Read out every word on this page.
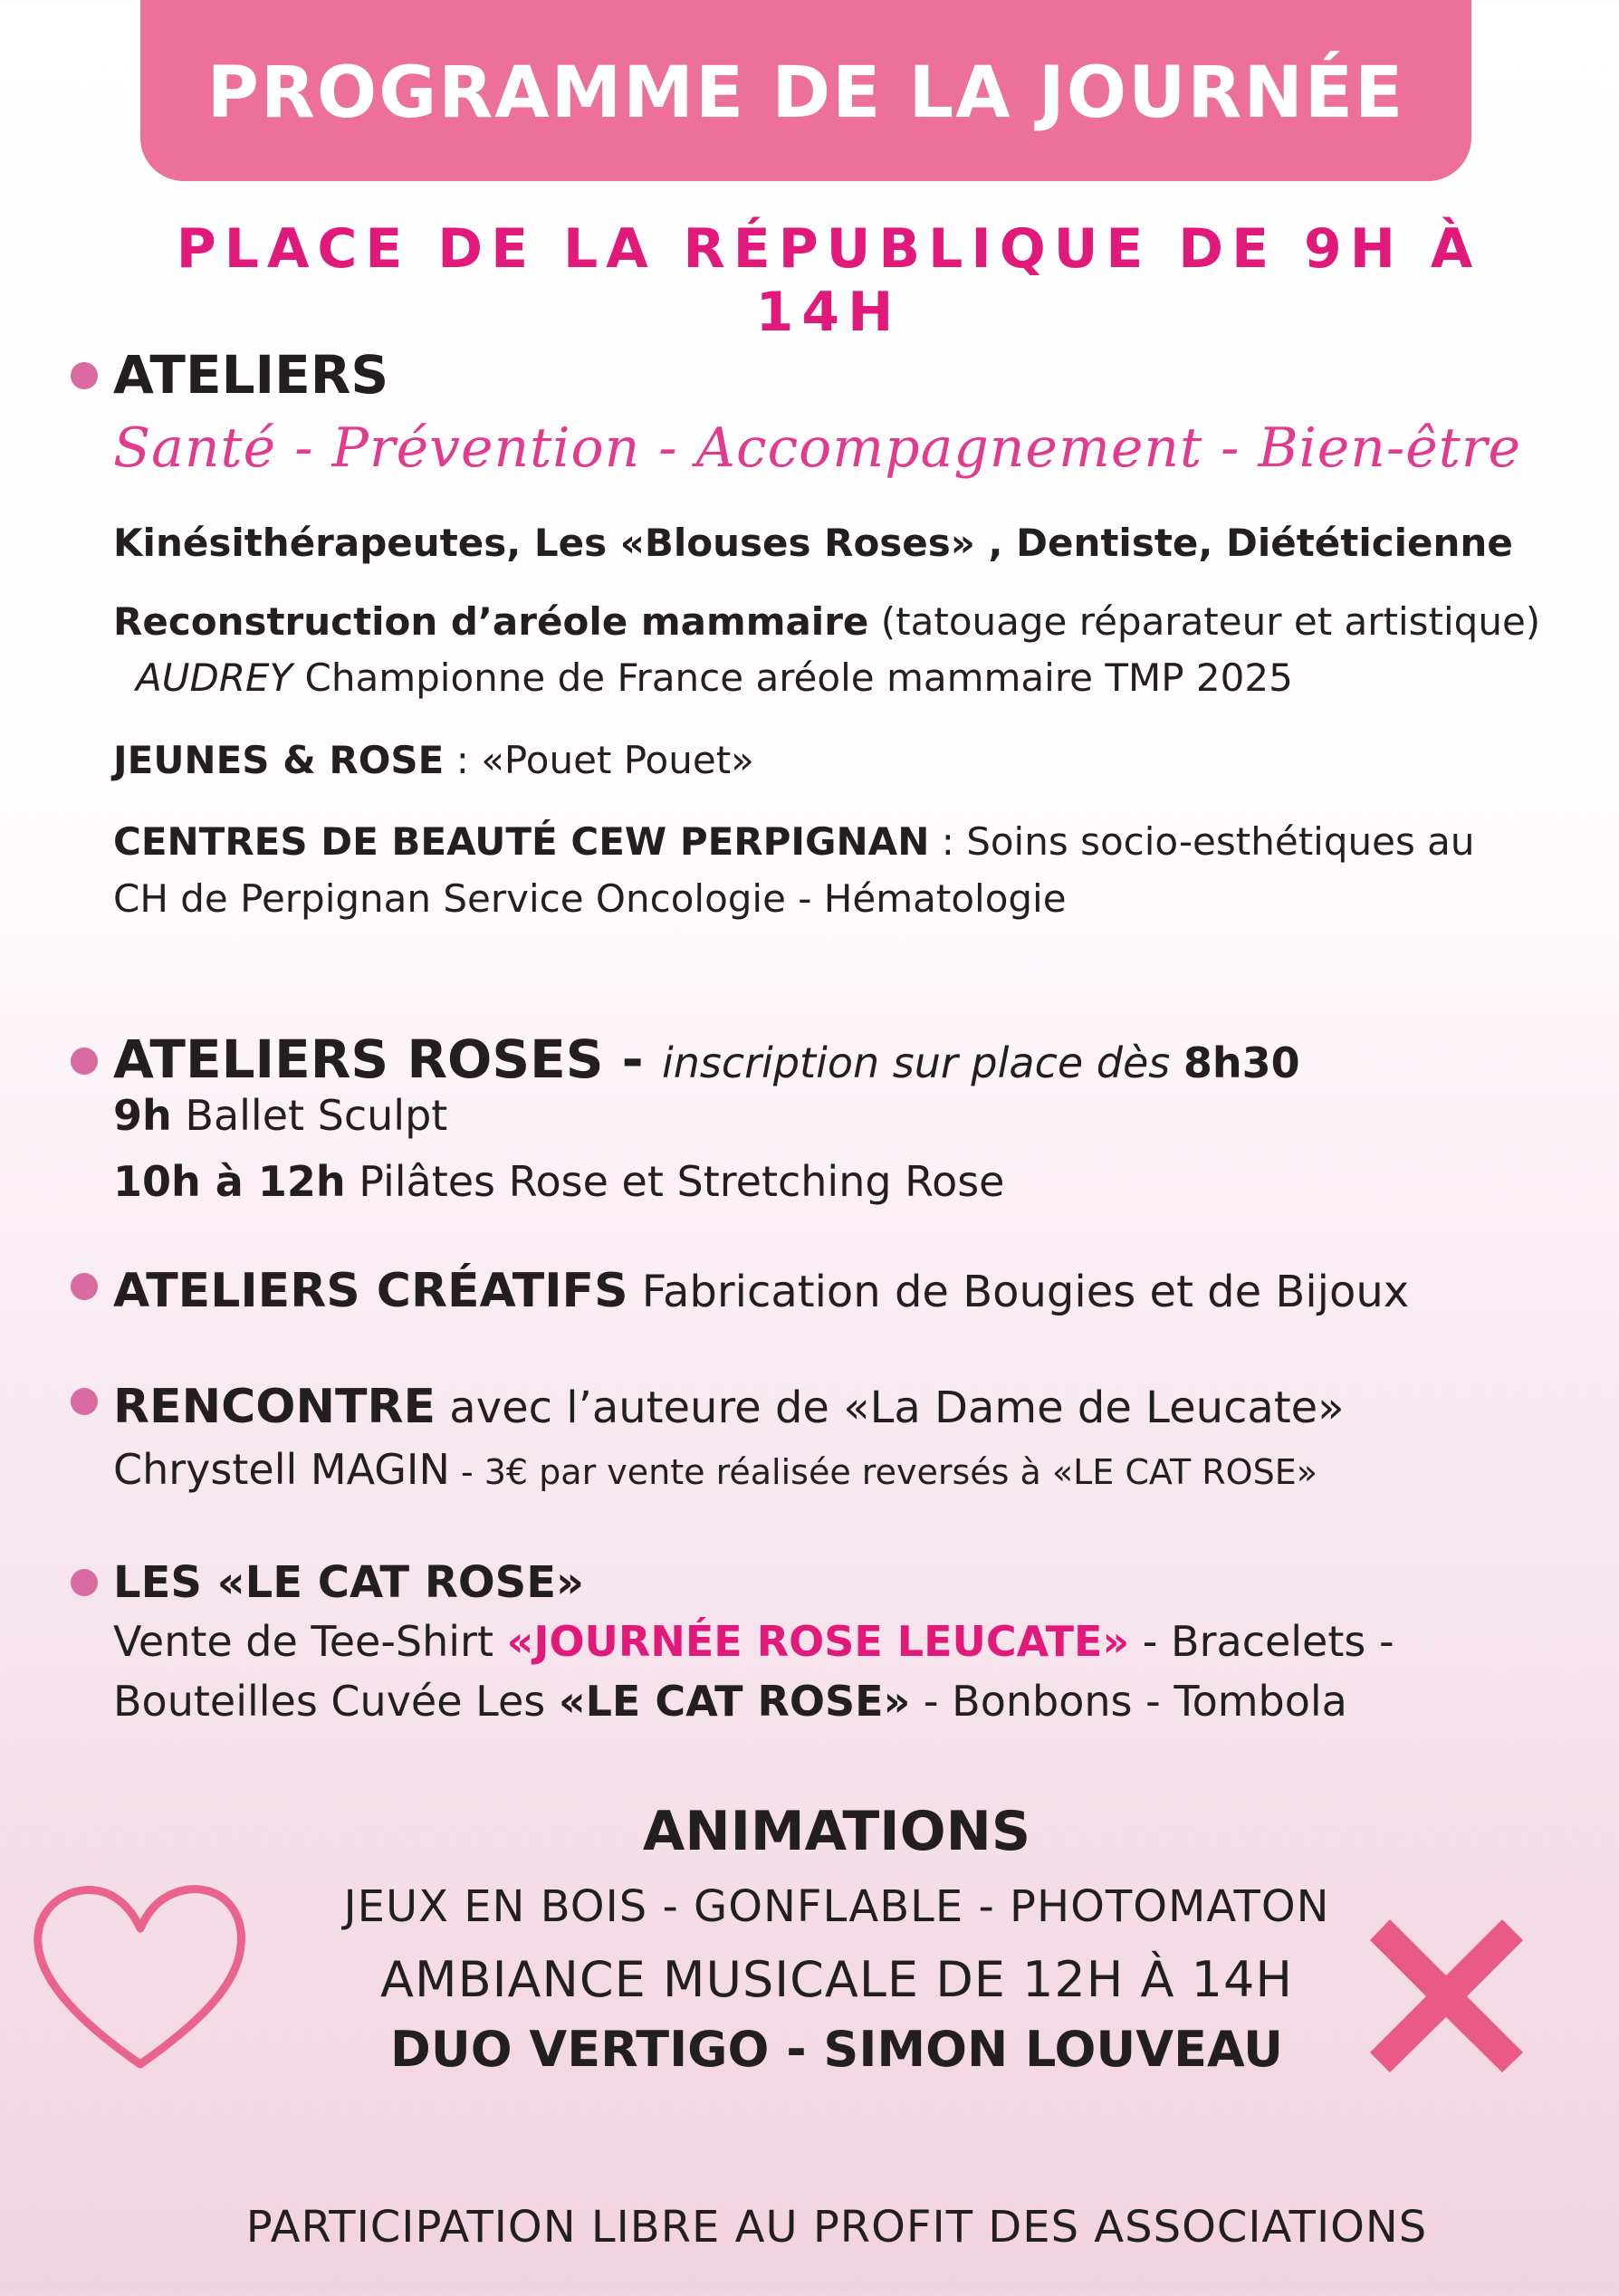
PROGRAMME DE LA JOURNÉE
PLACE DE LA RÉPUBLIQUE DE 9H À 14H
ATELIERS
Santé - Prévention - Accompagnement - Bien-être
Kinésithérapeutes, Les «Blouses Roses» , Dentiste, Diététicienne
Reconstruction d’aréole mammaire (tatouage réparateur et artistique)
AUDREY Championne de France aréole mammaire TMP 2025
JEUNES & ROSE : «Pouet Pouet»
CENTRES DE BEAUTÉ CEW PERPIGNAN : Soins socio-esthétiques au
CH de Perpignan Service Oncologie - Hématologie
ATELIERS ROSES - inscription sur place dès 8h30
9h Ballet Sculpt
10h à 12h Pilâtes Rose et Stretching Rose
ATELIERS CRÉATIFS Fabrication de Bougies et de Bijoux
RENCONTRE avec l’auteure de «La Dame de Leucate»
Chrystell MAGIN - 3€ par vente réalisée reversés à «LE CAT ROSE»
LES «LE CAT ROSE»
Vente de Tee-Shirt «JOURNÉE ROSE LEUCATE» - Bracelets -
Bouteilles Cuvée Les «LE CAT ROSE» - Bonbons - Tombola
ANIMATIONS
JEUX EN BOIS - GONFLABLE - PHOTOMATON
AMBIANCE MUSICALE DE 12H À 14H
DUO VERTIGO - SIMON LOUVEAU
PARTICIPATION LIBRE AU PROFIT DES ASSOCIATIONS
